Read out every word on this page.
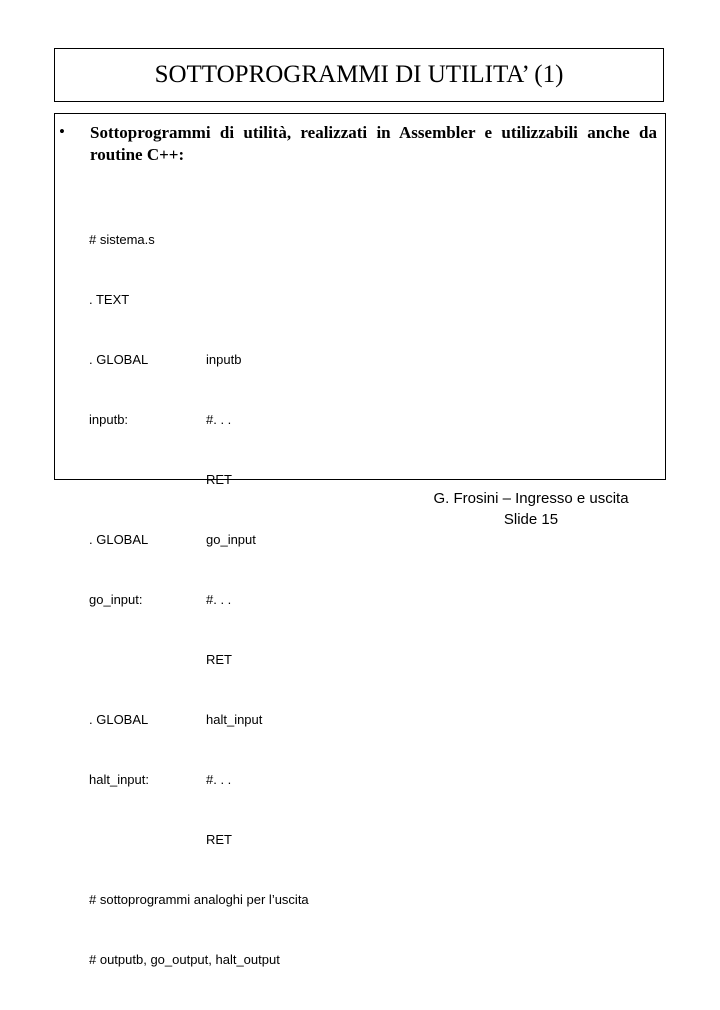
SOTTOPROGRAMMI DI UTILITA’ (1)
• Sottoprogrammi di utilità, realizzati in Assembler e utilizzabili anche da routine C++:

# sistema.s

. TEXT

. GLOBAL

inputb:

. GLOBAL

go_input:

. GLOBAL

halt_input:

# sottoprogrammi analoghi per l’uscita

# outputb, go_output, halt_output

inputb

#. . .

RET

go_input

#. . .

RET

halt_input

#. . .

RET

G. Frosini – Ingresso e uscita
Slide 15
